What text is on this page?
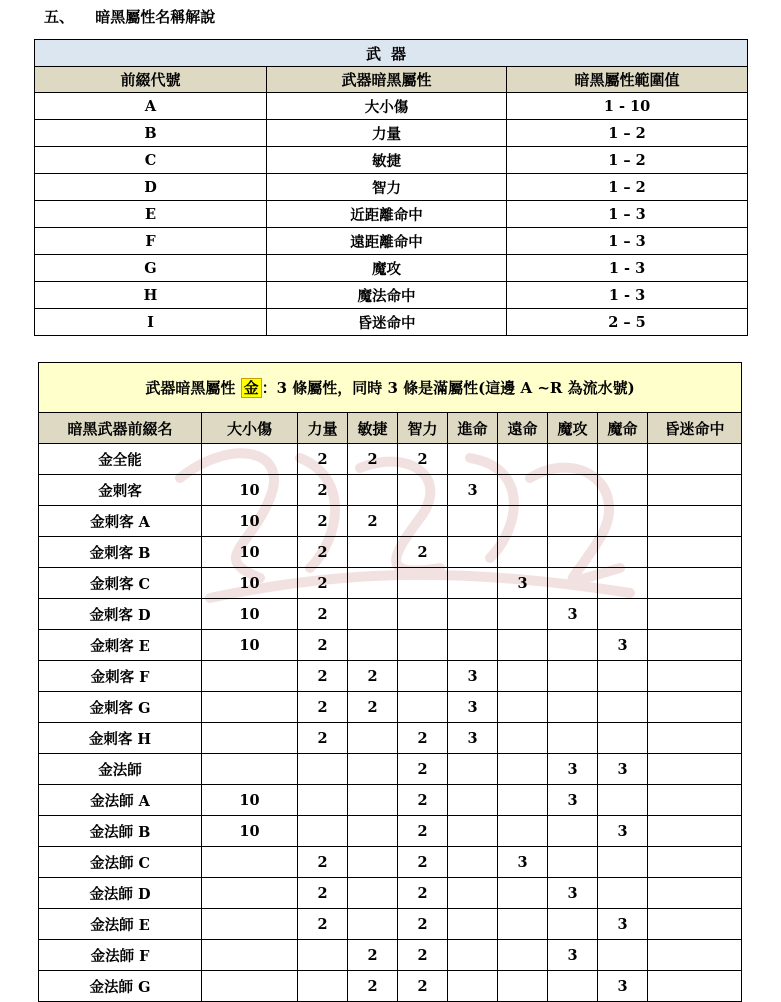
五、 暗黑屬性名稱解說
武器		
前綴代號	武器暗黑屬性	暗黑屬性範圍值
A	大小傷	1 - 10
B	力量	1 – 2
C	敏捷	1 – 2
D	智力	1 – 2
E	近距離命中	1 – 3
F	遠距離命中	1 – 3
G	魔攻	1 - 3
H	魔法命中	1 - 3
I	昏迷命中	2 – 5
武器暗黑屬性 金 ：3 條屬性，同時 3 條是滿屬性(這邊 A ~R 為流水號)									
暗黑武器前綴名	大小傷	力量	敏捷	智力	進命	遠命	魔攻	魔命	昏迷命中
金全能		2	2	2					
金刺客	10	2			3				
金刺客 A	10	2	2						
金刺客 B	10	2		2					
金刺客 C	10	2				3			
金刺客 D	10	2					3		
金刺客 E	10	2						3	
金刺客 F		2	2		3				
金刺客 G		2	2		3				
金刺客 H		2		2	3				
金法師				2			3	3	
金法師 A	10			2			3		
金法師 B	10			2				3	
金法師 C		2		2		3			
金法師 D		2		2			3		
金法師 E		2		2				3	
金法師 F			2	2			3		
金法師 G			2	2				3	
